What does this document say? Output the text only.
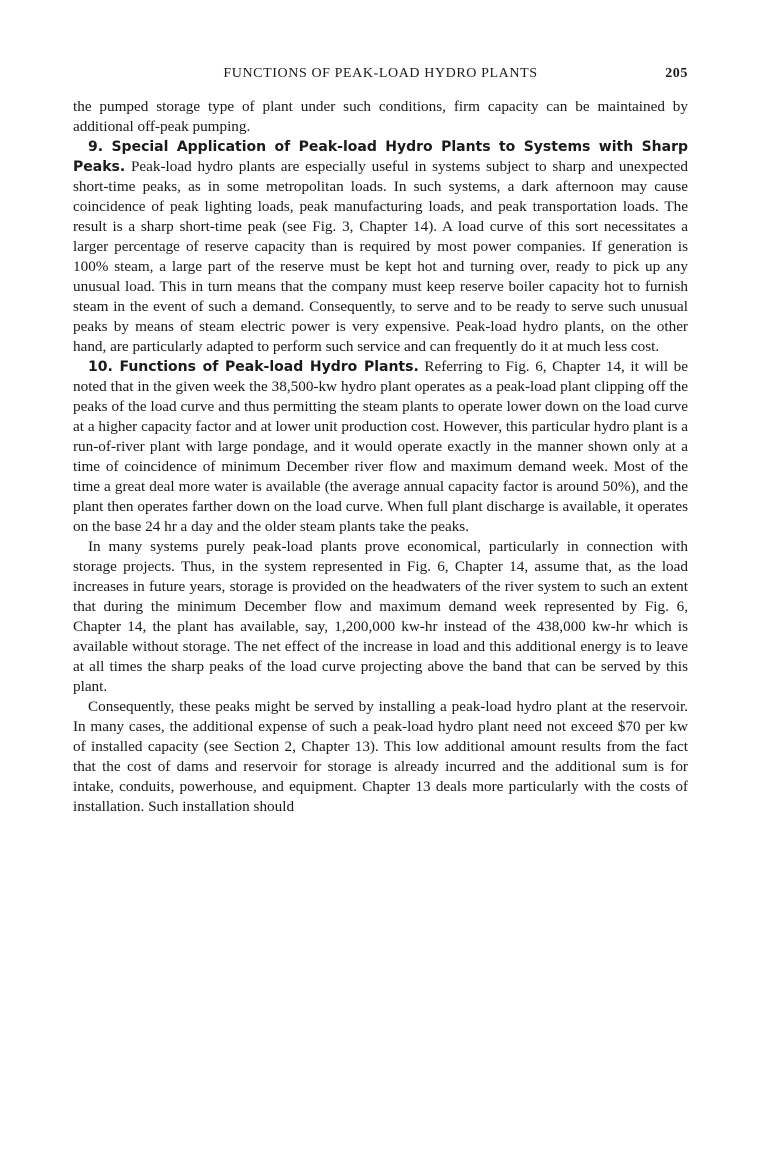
FUNCTIONS OF PEAK-LOAD HYDRO PLANTS	205

the pumped storage type of plant under such conditions, firm capacity can be maintained by additional off-peak pumping.

9. Special Application of Peak-load Hydro Plants to Systems with Sharp Peaks. Peak-load hydro plants are especially useful in systems subject to sharp and unexpected short-time peaks, as in some metropolitan loads. In such systems, a dark afternoon may cause coincidence of peak lighting loads, peak manufacturing loads, and peak transportation loads. The result is a sharp short-time peak (see Fig. 3, Chapter 14). A load curve of this sort necessitates a larger percentage of reserve capacity than is required by most power companies. If generation is 100% steam, a large part of the reserve must be kept hot and turning over, ready to pick up any unusual load. This in turn means that the company must keep reserve boiler capacity hot to furnish steam in the event of such a demand. Consequently, to serve and to be ready to serve such unusual peaks by means of steam electric power is very expensive. Peak-load hydro plants, on the other hand, are particularly adapted to perform such service and can frequently do it at much less cost.

10. Functions of Peak-load Hydro Plants. Referring to Fig. 6, Chapter 14, it will be noted that in the given week the 38,500-kw hydro plant operates as a peak-load plant clipping off the peaks of the load curve and thus permitting the steam plants to operate lower down on the load curve at a higher capacity factor and at lower unit production cost. However, this particular hydro plant is a run-of-river plant with large pondage, and it would operate exactly in the manner shown only at a time of coincidence of minimum December river flow and maximum demand week. Most of the time a great deal more water is available (the average annual capacity factor is around 50%), and the plant then operates farther down on the load curve. When full plant discharge is available, it operates on the base 24 hr a day and the older steam plants take the peaks.

In many systems purely peak-load plants prove economical, particularly in connection with storage projects. Thus, in the system represented in Fig. 6, Chapter 14, assume that, as the load increases in future years, storage is provided on the headwaters of the river system to such an extent that during the minimum December flow and maximum demand week represented by Fig. 6, Chapter 14, the plant has available, say, 1,200,000 kw-hr instead of the 438,000 kw-hr which is available without storage. The net effect of the increase in load and this additional energy is to leave at all times the sharp peaks of the load curve projecting above the band that can be served by this plant.

Consequently, these peaks might be served by installing a peak-load hydro plant at the reservoir. In many cases, the additional expense of such a peak-load hydro plant need not exceed $70 per kw of installed capacity (see Section 2, Chapter 13). This low additional amount results from the fact that the cost of dams and reservoir for storage is already incurred and the additional sum is for intake, conduits, powerhouse, and equipment. Chapter 13 deals more particularly with the costs of installation. Such installation should
